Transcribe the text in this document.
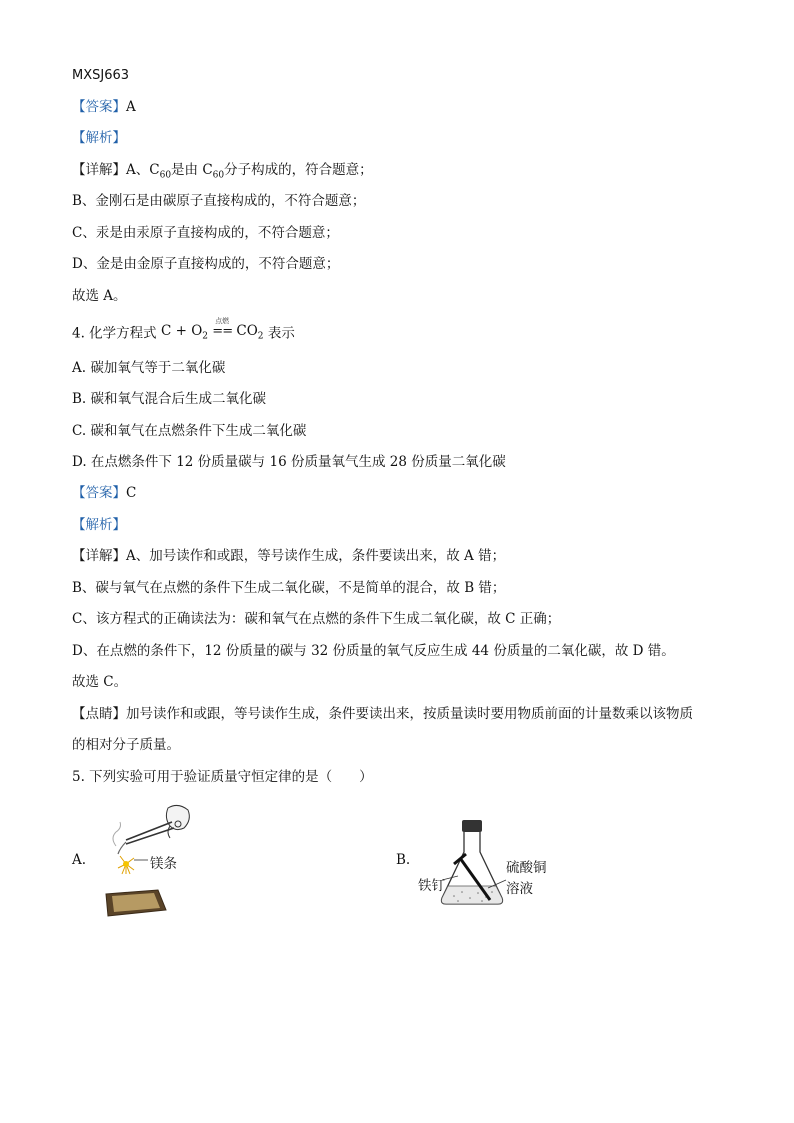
MXSJ663
【答案】A
【解析】
【详解】A、$C_{60}$是由 $C_{60}$分子构成的，符合题意；
B、金刚石是由碳原子直接构成的，不符合题意；
C、汞是由汞原子直接构成的，不符合题意；
D、金是由金原子直接构成的，不符合题意；
故选 A。
4. 化学方程式 $C + O_2$
点燃
== $CO_2$ 表示
A. 碳加氧气等于二氧化碳
B. 碳和氧气混合后生成二氧化碳
C. 碳和氧气在点燃条件下生成二氧化碳
D. 在点燃条件下 12 份质量碳与 16 份质量氧气生成 28 份质量二氧化碳
【答案】C
【解析】
【详解】A、加号读作和或跟，等号读作生成，条件要读出来，故 A 错；
B、碳与氧气在点燃的条件下生成二氧化碳，不是简单的混合，故 B 错；
C、该方程式的正确读法为：碳和氧气在点燃的条件下生成二氧化碳，故 C 正确；
D、在点燃的条件下，12 份质量的碳与 32 份质量的氧气反应生成 44 份质量的二氧化碳，故 D 错。
故选 C。
【点睛】加号读作和或跟，等号读作生成，条件要读出来，按质量读时要用物质前面的计量数乘以该物质
的相对分子质量。
5. 下列实验可用于验证质量守恒定律的是（　　）
A.	镁条	B.
铁钉
硫酸铜
溶液
